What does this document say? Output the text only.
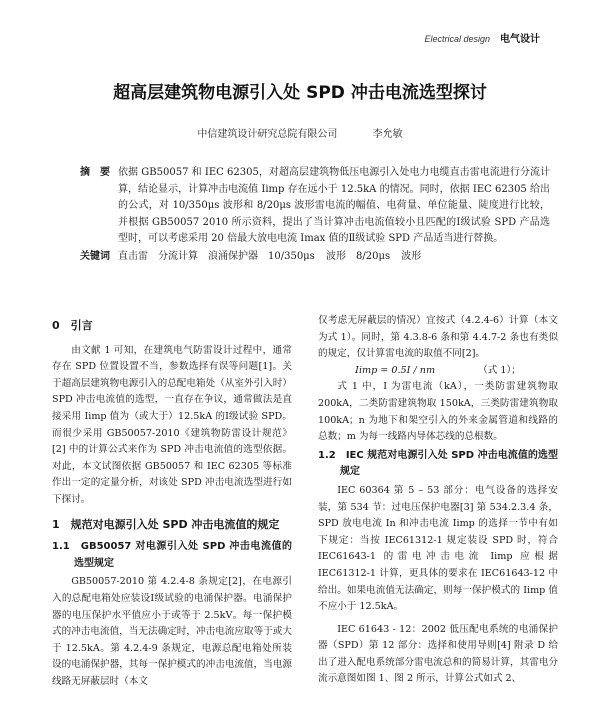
Electrical design 电气设计
超高层建筑物电源引入处 SPD 冲击电流选型探讨
中信建筑设计研究总院有限公司	李允敏
摘　要 依据 GB50057 和 IEC 62305，对超高层建筑物低压电源引入处电力电缆直击雷电流进行分流计算，结论显示，计算冲击电流值 Iimp 存在远小于 12.5kA 的情况。同时，依据 IEC 62305 给出的公式，对 10/350μs 波形和 8/20μs 波形雷电流的幅值、电荷量、单位能量、陡度进行比较，并根据 GB50057 2010 所示资料，提出了当计算冲击电流值较小且匹配的Ⅰ级试验 SPD 产品选型时，可以考虑采用 20 倍最大放电电流 Imax 值的Ⅱ级试验 SPD 产品适当进行替换。
关键词 直击雷　分流计算　浪涌保护器　10/350μs 波形　8/20μs 波形

0　引言

由文献 1 可知，在建筑电气防雷设计过程中，通常存在 SPD 位置设置不当，参数选择有误等问题[1]。关于超高层建筑物电源引入的总配电箱处（从室外引入时）SPD 冲击电流值的选型，一直存在争议，通常做法是直接采用 Iimp 值为（或大于）12.5kA 的Ⅰ级试验 SPD。而很少采用 GB50057-2010《建筑物防雷设计规范》[2] 中的计算公式来作为 SPD 冲击电流值的选型依据。对此，本文试图依据 GB50057 和 IEC 62305 等标准作出一定的定量分析，对该处 SPD 冲击电流选型进行如下探讨。

1　规范对电源引入处 SPD 冲击电流值的规定

1.1　GB50057 对电源引入处 SPD 冲击电流值的选型规定

GB50057-2010 第 4.2.4-8 条规定[2]，在电源引入的总配电箱处应装设Ⅰ级试验的电涌保护器。电涌保护器的电压保护水平值应小于或等于 2.5kV。每一保护模式的冲击电流值，当无法确定时，冲击电流应取等于或大于 12.5kA。第 4.2.4-9 条规定，电源总配电箱处所装设的电涌保护器，其每一保护模式的冲击电流值，当电源线路无屏蔽层时（本文

仅考虑无屏蔽层的情况）宜按式（4.2.4-6）计算（本文为式 1）。同时，第 4.3.8-6 条和第 4.4.7-2 条也有类似的规定，仅计算雷电流的取值不同[2]。

Iimp = 0.5I / nm	（式 1）；

式 1 中，I 为雷电流（kA），一类防雷建筑物取 200kA，二类防雷建筑物取 150kA，三类防雷建筑物取 100kA；n 为地下和架空引入的外来金属管道和线路的总数；m 为每一线路内导体芯线的总根数。

1.2　IEC 规范对电源引入处 SPD 冲击电流值的选型规定

IEC 60364 第 5 – 53 部分：电气设备的选择安装，第 534 节：过电压保护电器[3] 第 534.2.3.4 条，SPD 放电电流 In 和冲击电流 Iimp 的选择一节中有如下规定：当按 IEC61312-1 规定装设 SPD 时，符合 IEC61643-1 的雷电冲击电流 Iimp 应根据 IEC61312-1 计算，更具体的要求在 IEC61643-12 中给出。如果电流值无法确定，则每一保护模式的 Iimp 值不应小于 12.5kA。

IEC 61643 - 12：2002 低压配电系统的电涌保护器（SPD）第 12 部分：选择和使用导则[4] 附录 D 给出了进入配电系统部分雷电流总和的简易计算，其雷电分流示意图如图 1、图 2 所示，计算公式如式 2、
